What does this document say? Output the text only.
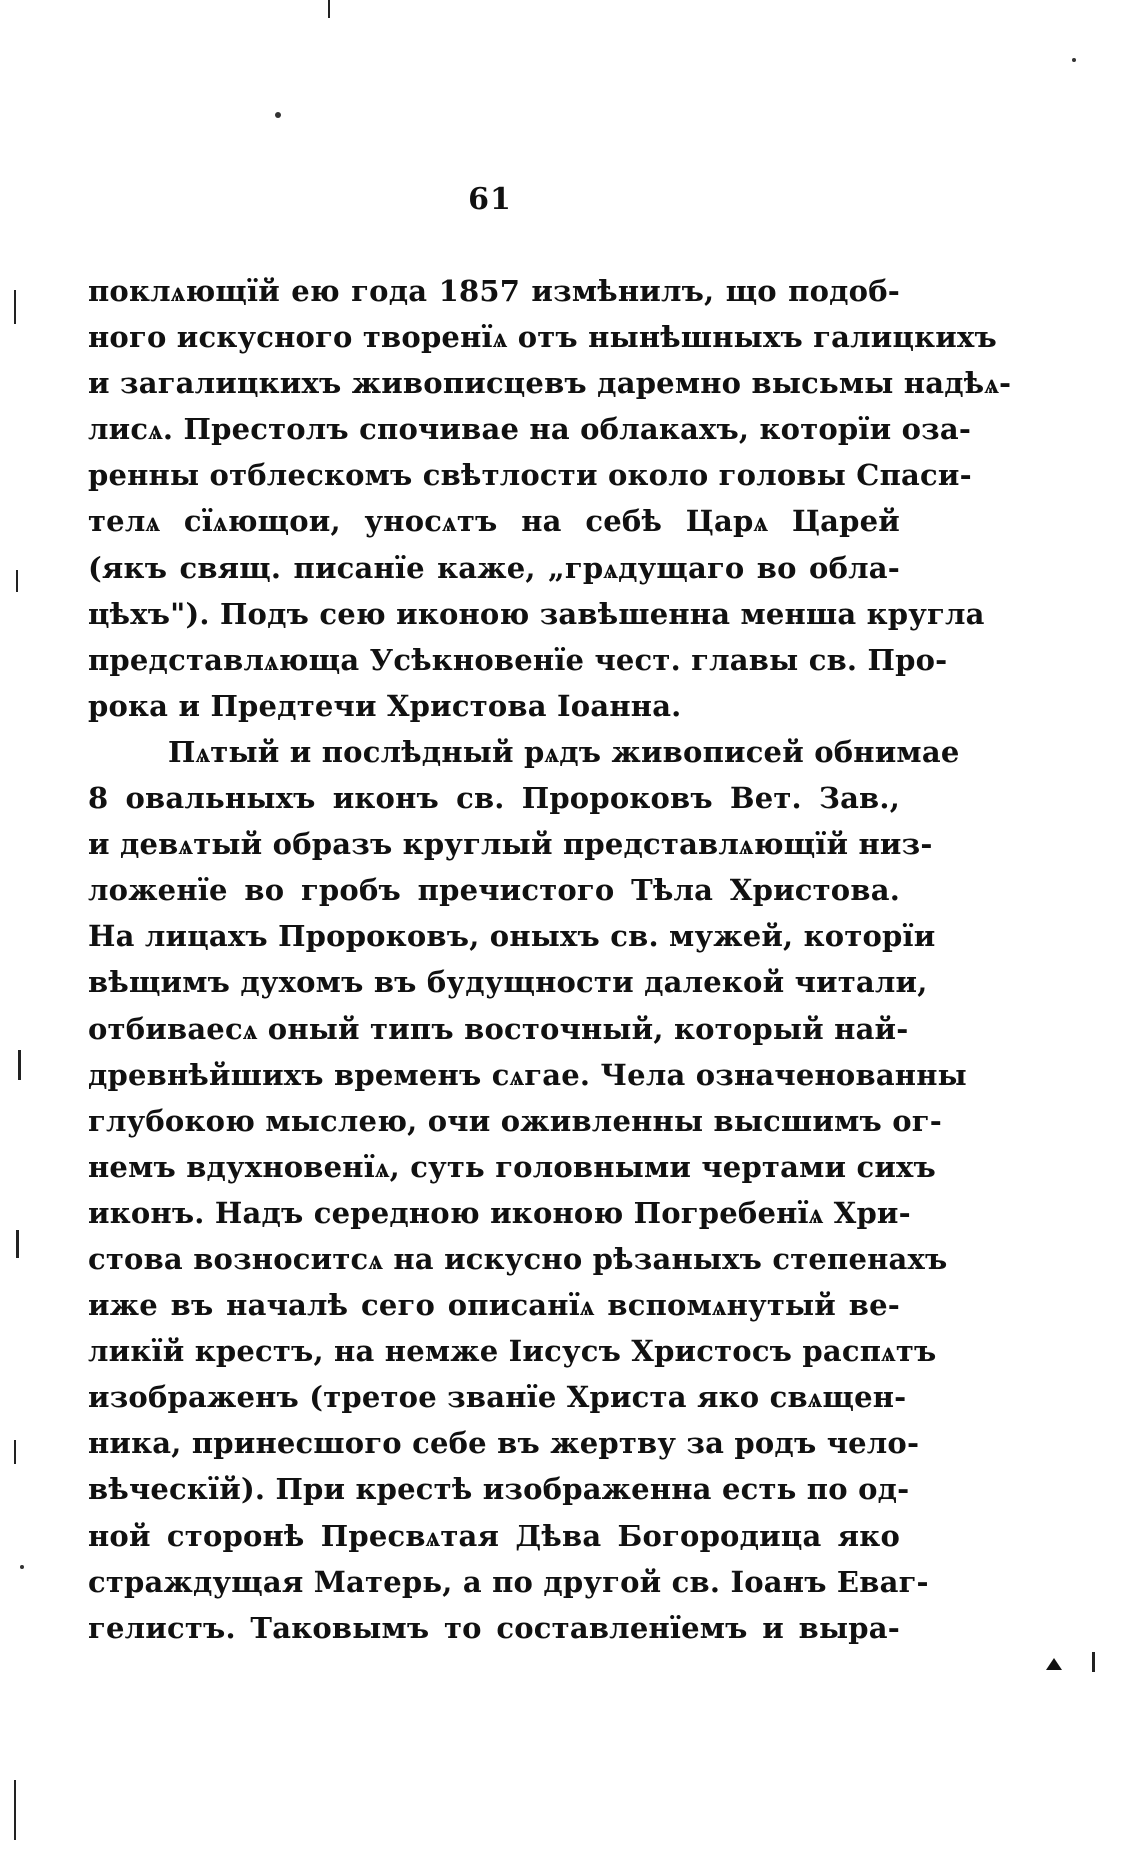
61
поклѧющїй ею года 1857 измѣнилъ, що подоб-
ного искусного творенїѧ отъ нынѣшныхъ галицкихъ
и загалицкихъ живописцевъ даремно высьмы надѣѧ-
лисѧ. Престолъ спочивае на облакахъ, которїи оза-
ренны отблескомъ свѣтлости около головы Спаси-
телѧ сїѧющои, уносѧтъ на себѣ Царѧ Царей
(якъ свящ. писанїе каже, „грѧдущаго во обла-
цѣхъ"). Подъ сею иконою завѣшенна менша круглa
представлѧюща Усѣкновенїе чест. главы св. Про-
рока и Предтечи Христова Іоанна.
Пѧтый и послѣдный рѧдъ живописей обнимае
8 овальныхъ иконъ св. Пророковъ Вет. Зав.,
и девѧтый образъ круглый представлѧющїй низ-
ложенїе во гробъ пречистого Тѣла Христова.
На лицахъ Пророковъ, оныхъ св. мужей, которїи
вѣщимъ духомъ въ будущности далекой читали,
отбиваесѧ оный типъ восточный, который най-
древнѣйшихъ временъ сѧгае. Чела означенованны
глубокою мыслею, очи оживленны высшимъ ог-
немъ вдухновенїѧ, суть головными чертами сихъ
иконъ. Надъ середною иконою Погребенїѧ Хри-
стова возноситсѧ на искусно рѣзаныхъ степенахъ
иже въ началѣ сего описанїѧ вспомѧнутый ве-
ликїй крестъ, на немже Іисусъ Христосъ распѧтъ
изображенъ (третое званїе Христа яко свѧщен-
ника, принесшого себе въ жертву за родъ чело-
вѣческїй). При крестѣ изображенна есть по од-
ной сторонѣ Пресвѧтая Дѣва Богородица яко
страждущая Матерь, а по другой св. Іоанъ Еваг-
гелистъ. Таковымъ то составленїемъ и выра-
